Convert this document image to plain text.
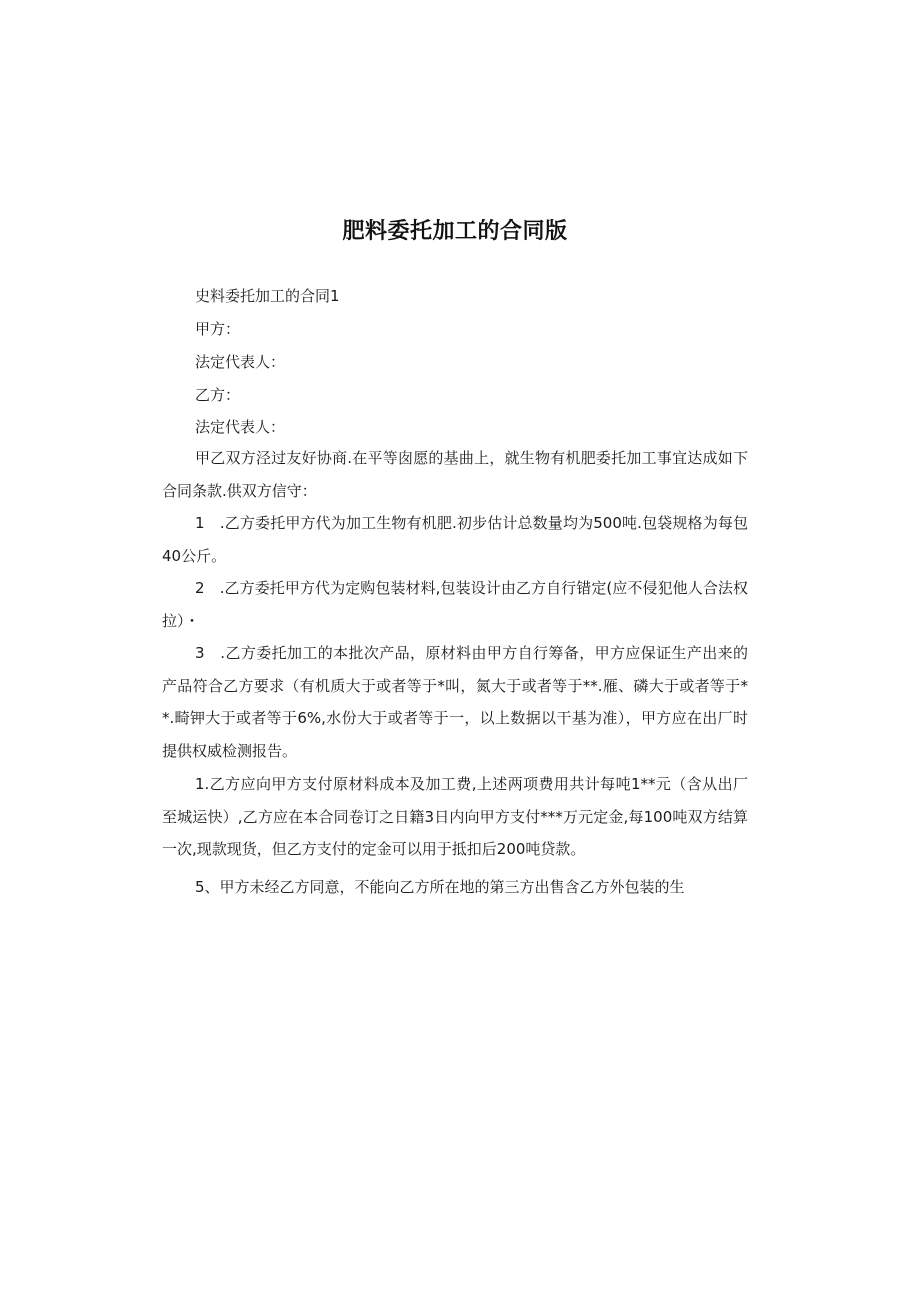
肥料委托加工的合同版
史料委托加工的合同1
甲方：
法定代表人：
乙方：
法定代表人：
甲乙双方泾过友好协商.在平等囱愿的基曲上，就生物有机肥委托加工事宜达成如下合同条款.供双方信守：
1　.乙方委托甲方代为加工生物有机肥.初步估计总数量均为500吨.包袋规格为每包40公斤。
2　.乙方委托甲方代为定购包装材料,包装设计由乙方自行错定(应不侵犯他人合法权拉）・
3　.乙方委托加工的本批次产品，原材料由甲方自行筹备，甲方应保证生产出来的产品符合乙方要求（有机质大于或者等于*叫，氮大于或者等于**.雁、磷大于或者等于**.畸钾大于或者等于6%,水份大于或者等于一，以上数据以干基为准），甲方应在出厂时提供权威检测报告。
1.乙方应向甲方支付原材料成本及加工费,上述两项费用共计每吨1**元（含从出厂至城运快）,乙方应在本合同卷订之日籍3日内向甲方支付***万元定金,每100吨双方结算一次,现款现货，但乙方支付的定金可以用于抵扣后200吨贷款。
5、甲方未经乙方同意，不能向乙方所在地的第三方出售含乙方外包装的生
